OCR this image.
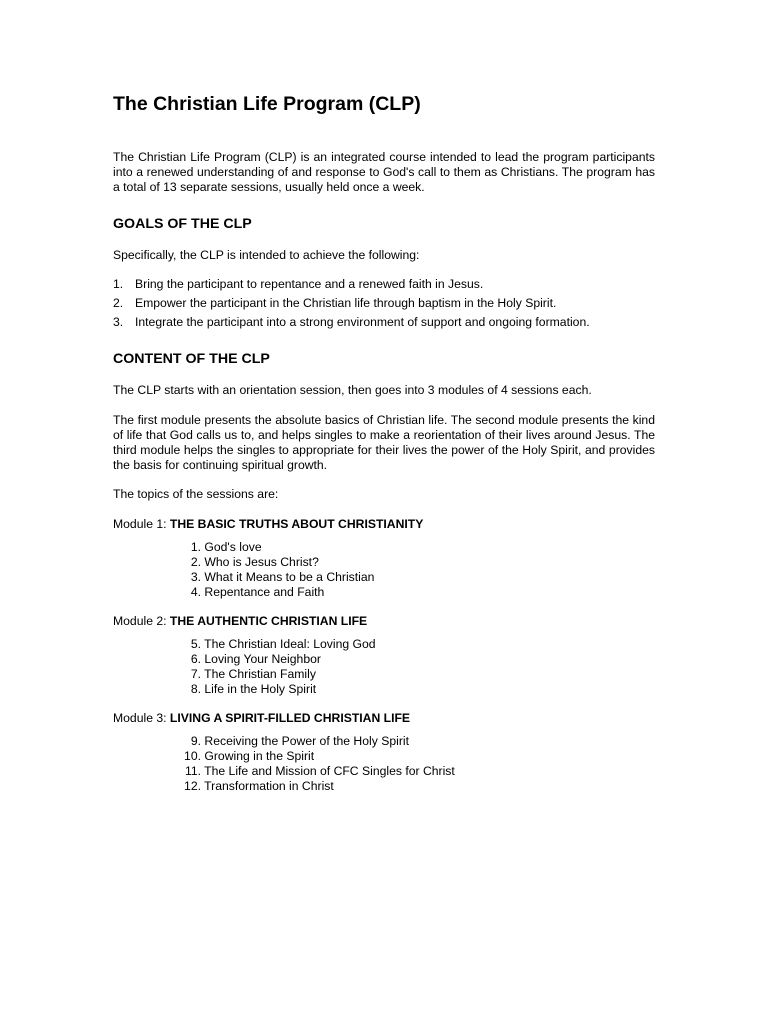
The Christian Life Program (CLP)

The Christian Life Program (CLP) is an integrated course intended to lead the program participants into a renewed understanding of and response to God's call to them as Christians. The program has a total of 13 separate sessions, usually held once a week.

GOALS OF THE CLP

Specifically, the CLP is intended to achieve the following:

1. Bring the participant to repentance and a renewed faith in Jesus.
2. Empower the participant in the Christian life through baptism in the Holy Spirit.
3. Integrate the participant into a strong environment of support and ongoing formation.
CONTENT OF THE CLP

The CLP starts with an orientation session, then goes into 3 modules of 4 sessions each.

The first module presents the absolute basics of Christian life. The second module presents the kind of life that God calls us to, and helps singles to make a reorientation of their lives around Jesus. The third module helps the singles to appropriate for their lives the power of the Holy Spirit, and provides the basis for continuing spiritual growth.

The topics of the sessions are:

Module 1: THE BASIC TRUTHS ABOUT CHRISTIANITY
1. God's love
2. Who is Jesus Christ?
3. What it Means to be a Christian
4. Repentance and Faith
Module 2: THE AUTHENTIC CHRISTIAN LIFE
5. The Christian Ideal: Loving God
6. Loving Your Neighbor
7. The Christian Family
8. Life in the Holy Spirit
Module 3: LIVING A SPIRIT-FILLED CHRISTIAN LIFE
9. Receiving the Power of the Holy Spirit
10. Growing in the Spirit
11. The Life and Mission of CFC Singles for Christ
12. Transformation in Christ
